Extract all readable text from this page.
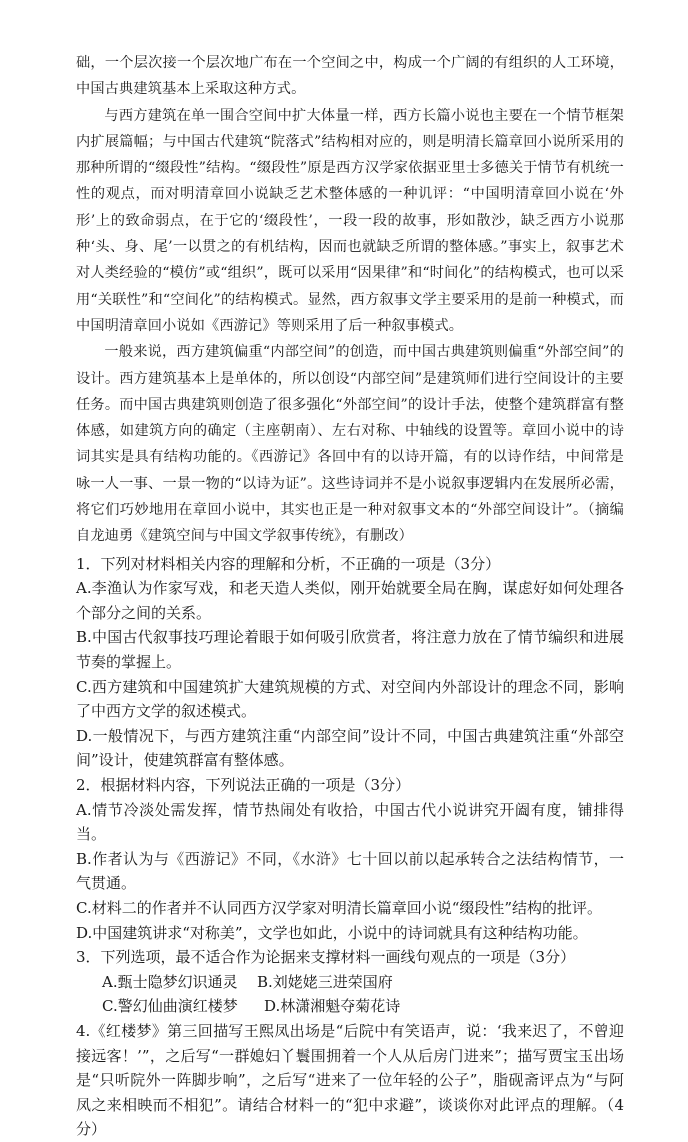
础，一个层次接一个层次地广布在一个空间之中，构成一个广阔的有组织的人工环境，中国古典建筑基本上采取这种方式。

与西方建筑在单一围合空间中扩大体量一样，西方长篇小说也主要在一个情节框架内扩展篇幅；与中国古代建筑“院落式”结构相对应的，则是明清长篇章回小说所采用的那种所谓的“缀段性”结构。“缀段性”原是西方汉学家依据亚里士多德关于情节有机统一性的观点，而对明清章回小说缺乏艺术整体感的一种讥评：“中国明清章回小说在‘外形’上的致命弱点，在于它的‘缀段性’，一段一段的故事，形如散沙，缺乏西方小说那种‘头、身、尾’一以贯之的有机结构，因而也就缺乏所谓的整体感。”事实上，叙事艺术对人类经验的“模仿”或“组织”，既可以采用“因果律”和“时间化”的结构模式，也可以采用“关联性”和“空间化”的结构模式。显然，西方叙事文学主要采用的是前一种模式，而中国明清章回小说如《西游记》等则采用了后一种叙事模式。

一般来说，西方建筑偏重“内部空间”的创造，而中国古典建筑则偏重“外部空间”的设计。西方建筑基本上是单体的，所以创设“内部空间”是建筑师们进行空间设计的主要任务。而中国古典建筑则创造了很多强化“外部空间”的设计手法，使整个建筑群富有整体感，如建筑方向的确定（主座朝南）、左右对称、中轴线的设置等。章回小说中的诗词其实是具有结构功能的。《西游记》各回中有的以诗开篇，有的以诗作结，中间常是咏一人一事、一景一物的“以诗为证”。这些诗词并不是小说叙事逻辑内在发展所必需，将它们巧妙地用在章回小说中，其实也正是一种对叙事文本的“外部空间设计”。（摘编自龙迪勇《建筑空间与中国文学叙事传统》，有删改）

1．下列对材料相关内容的理解和分析，不正确的一项是（3分）

A.李渔认为作家写戏，和老天造人类似，刚开始就要全局在胸，谋虑好如何处理各个部分之间的关系。

B.中国古代叙事技巧理论着眼于如何吸引欣赏者，将注意力放在了情节编织和进展节奏的掌握上。

C.西方建筑和中国建筑扩大建筑规模的方式、对空间内外部设计的理念不同，影响了中西方文学的叙述模式。

D.一般情况下，与西方建筑注重“内部空间”设计不同，中国古典建筑注重“外部空间”设计，使建筑群富有整体感。

2．根据材料内容，下列说法正确的一项是（3分）

A.情节冷淡处需发挥，情节热闹处有收拾，中国古代小说讲究开阖有度，铺排得当。

B.作者认为与《西游记》不同，《水浒》七十回以前以起承转合之法结构情节，一气贯通。

C.材料二的作者并不认同西方汉学家对明清长篇章回小说“缀段性”结构的批评。

D.中国建筑讲求“对称美”，文学也如此，小说中的诗词就具有这种结构功能。

3．下列选项，最不适合作为论据来支撑材料一画线句观点的一项是（3分）

A.甄士隐梦幻识通灵	B.刘姥姥三进荣国府

C.警幻仙曲演红楼梦	D.林潇湘魁夺菊花诗

4.《红楼梦》第三回描写王熙凤出场是“后院中有笑语声，说：‘我来迟了，不曾迎接远客！’”，之后写“一群媳妇丫鬟围拥着一个人从后房门进来”；描写贾宝玉出场是“只听院外一阵脚步响”，之后写“进来了一位年轻的公子”，脂砚斋评点为“与阿凤之来相映而不相犯”。请结合材料一的“犯中求避”，谈谈你对此评点的理解。（4分）
